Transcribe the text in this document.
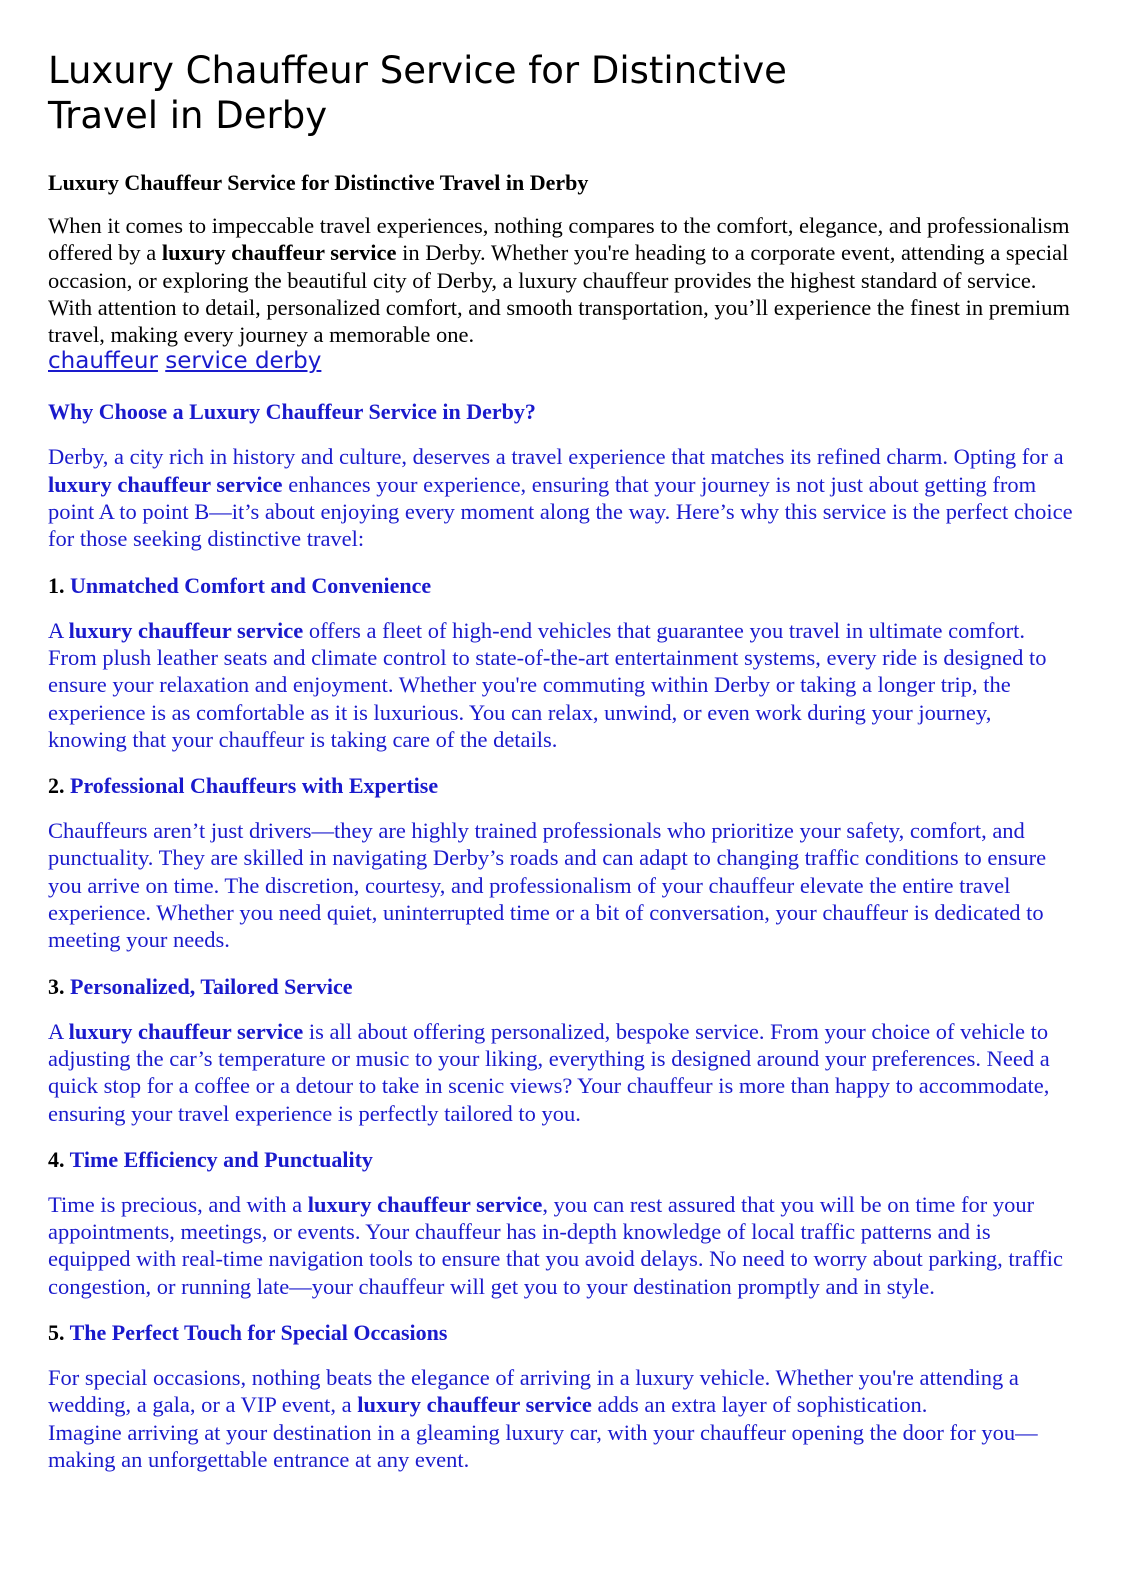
Luxury Chauffeur Service for Distinctive
Travel in Derby
Luxury Chauffeur Service for Distinctive Travel in Derby

When it comes to impeccable travel experiences, nothing compares to the comfort, elegance, and professionalism offered by a luxury chauffeur service in Derby. Whether you're heading to a corporate event, attending a special occasion, or exploring the beautiful city of Derby, a luxury chauffeur provides the highest standard of service. With attention to detail, personalized comfort, and smooth transportation, you’ll experience the finest in premium travel, making every journey a memorable one.

chauffeur service derby
Why Choose a Luxury Chauffeur Service in Derby?

Derby, a city rich in history and culture, deserves a travel experience that matches its refined charm. Opting for a luxury chauffeur service enhances your experience, ensuring that your journey is not just about getting from point A to point B—it’s about enjoying every moment along the way. Here’s why this service is the perfect choice for those seeking distinctive travel:

1. Unmatched Comfort and Convenience

A luxury chauffeur service offers a fleet of high-end vehicles that guarantee you travel in ultimate comfort. From plush leather seats and climate control to state-of-the-art entertainment systems, every ride is designed to ensure your relaxation and enjoyment. Whether you're commuting within Derby or taking a longer trip, the experience is as comfortable as it is luxurious. You can relax, unwind, or even work during your journey, knowing that your chauffeur is taking care of the details.

2. Professional Chauffeurs with Expertise

Chauffeurs aren’t just drivers—they are highly trained professionals who prioritize your safety, comfort, and punctuality. They are skilled in navigating Derby’s roads and can adapt to changing traffic conditions to ensure you arrive on time. The discretion, courtesy, and professionalism of your chauffeur elevate the entire travel experience. Whether you need quiet, uninterrupted time or a bit of conversation, your chauffeur is dedicated to meeting your needs.

3. Personalized, Tailored Service

A luxury chauffeur service is all about offering personalized, bespoke service. From your choice of vehicle to adjusting the car’s temperature or music to your liking, everything is designed around your preferences. Need a quick stop for a coffee or a detour to take in scenic views? Your chauffeur is more than happy to accommodate, ensuring your travel experience is perfectly tailored to you.

4. Time Efficiency and Punctuality

Time is precious, and with a luxury chauffeur service, you can rest assured that you will be on time for your appointments, meetings, or events. Your chauffeur has in-depth knowledge of local traffic patterns and is equipped with real-time navigation tools to ensure that you avoid delays. No need to worry about parking, traffic congestion, or running late—your chauffeur will get you to your destination promptly and in style.

5. The Perfect Touch for Special Occasions

For special occasions, nothing beats the elegance of arriving in a luxury vehicle. Whether you're attending a wedding, a gala, or a VIP event, a luxury chauffeur service adds an extra layer of sophistication.

Imagine arriving at your destination in a gleaming luxury car, with your chauffeur opening the door for you—making an unforgettable entrance at any event.
